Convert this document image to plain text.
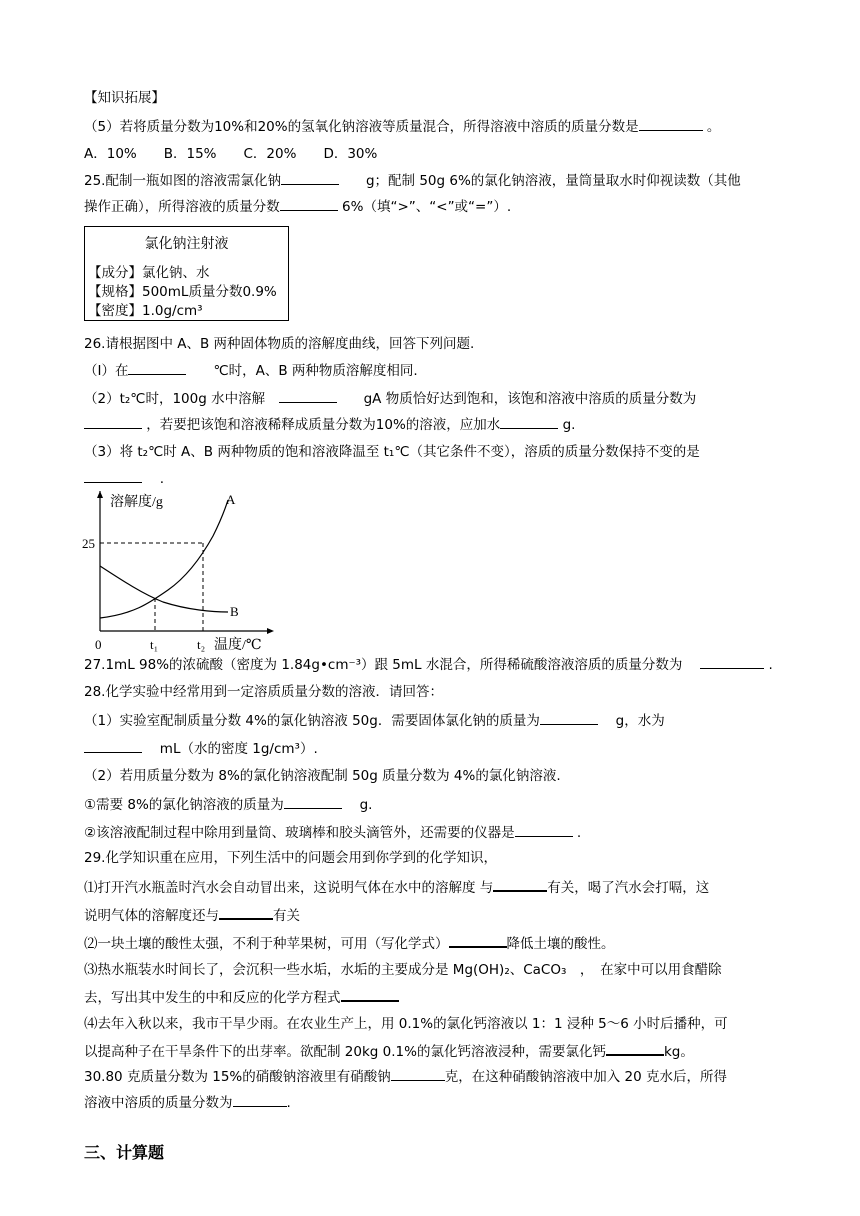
【知识拓展】
（5）若将质量分数为10%和20%的氢氧化钠溶液等质量混合，所得溶液中溶质的质量分数是	。
A．10%　　B．15%　　C．20%　　D．30%
25.配制一瓶如图的溶液需氯化钠　　	g；配制 50g 6%的氯化钠溶液，量筒量取水时仰视读数（其他
操作正确），所得溶液的质量分数	6%（填“>”、“<”或“=”）.
氯化钠注射液
【成分】氯化钠、水
【规格】500mL质量分数0.9%
【密度】1.0g/cm³
26.请根据图中 A、B 两种固体物质的溶解度曲线，回答下列问题.
（I）在　　	℃时，A、B 两种物质溶解度相同.
（2）t₂℃时，100g 水中溶解　　　	gA 物质恰好达到饱和，该饱和溶液中溶质的质量分数为
，若要把该饱和溶液稀释成质量分数为10%的溶液，应加水	g.
（3）将 t₂℃时 A、B 两种物质的饱和溶液降温至 t₁℃（其它条件不变），溶质的质量分数保持不变的是
　 .
溶解度/g	A
B
25
0	t₁	t₂ 温度/℃
27.1mL 98%的浓硫酸（密度为 1.84g•cm⁻³）跟 5mL 水混合，所得稀硫酸溶液溶质的质量分数为　	.
28.化学实验中经常用到一定溶质质量分数的溶液．请回答：
（1）实验室配制质量分数 4%的氯化钠溶液 50g．需要固体氯化钠的质量为　	g，水为
　 mL（水的密度 1g/cm³）.
（2）若用质量分数为 8%的氯化钠溶液配制 50g 质量分数为 4%的氯化钠溶液.
①需要 8%的氯化钠溶液的质量为　	g.
②该溶液配制过程中除用到量筒、玻璃棒和胶头滴管外，还需要的仪器是	.
29.化学知识重在应用，下列生活中的问题会用到你学到的化学知识，
⑴打开汽水瓶盖时汽水会自动冒出来，这说明气体在水中的溶解度 与	有关，喝了汽水会打嗝，这
说明气体的溶解度还与	有关
⑵一块土壤的酸性太强，不利于种苹果树，可用（写化学式）	降低土壤的酸性。
⑶热水瓶装水时间长了，会沉积一些水垢，水垢的主要成分是 Mg(OH)₂、CaCO₃　，　在家中可以用食醋除
去，写出其中发生的中和反应的化学方程式
⑷去年入秋以来，我市干旱少雨。在农业生产上，用 0.1%的氯化钙溶液以 1：1 浸种 5～6 小时后播种，可
以提高种子在干旱条件下的出芽率。欲配制 20kg 0.1%的氯化钙溶液浸种，需要氯化钙	kg。
30.80 克质量分数为 15%的硝酸钠溶液里有硝酸钠	克，在这种硝酸钠溶液中加入 20 克水后，所得
溶液中溶质的质量分数为	.
三、计算题
